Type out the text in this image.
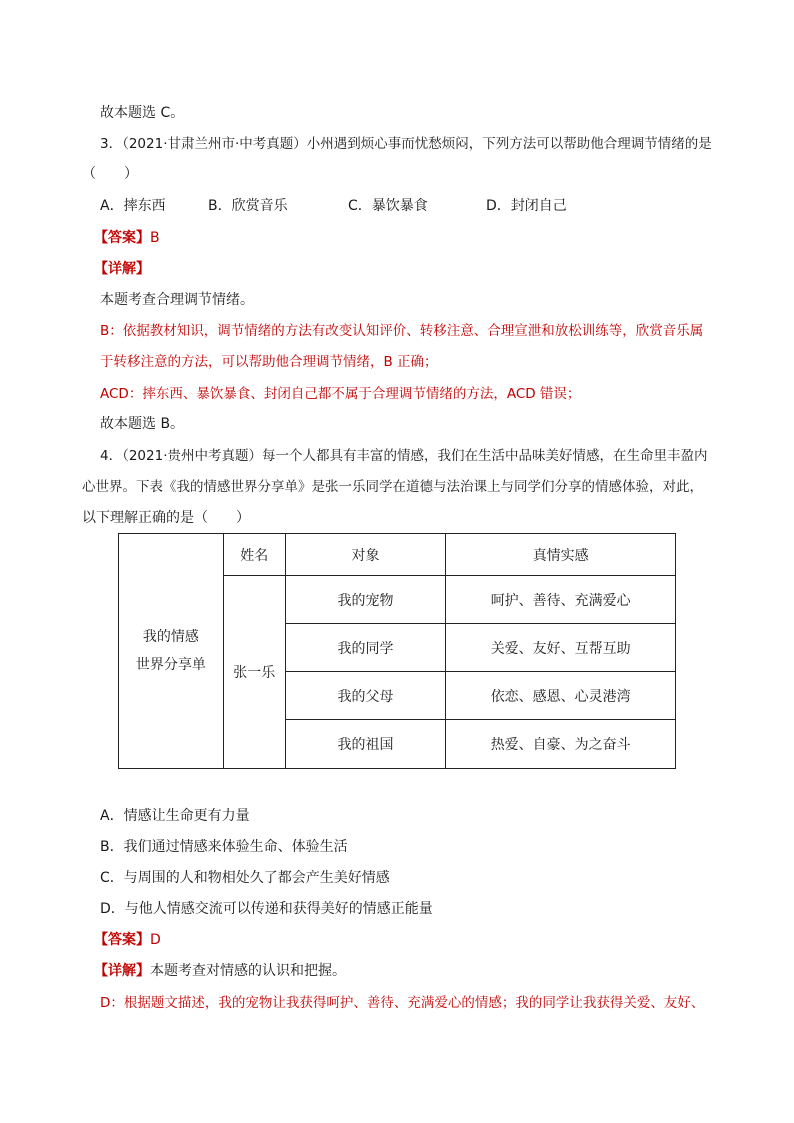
故本题选 C。
3．（2021·甘肃兰州市·中考真题）小州遇到烦心事而忧愁烦闷，下列方法可以帮助他合理调节情绪的是
（　　）
A．摔东西	B．欣赏音乐	C．暴饮暴食	D．封闭自己
【答案】B
【详解】
本题考查合理调节情绪。
B：依据教材知识，调节情绪的方法有改变认知评价、转移注意、合理宣泄和放松训练等，欣赏音乐属
于转移注意的方法，可以帮助他合理调节情绪，B 正确；
ACD：摔东西、暴饮暴食、封闭自己都不属于合理调节情绪的方法，ACD 错误；
故本题选 B。
4．（2021·贵州中考真题）每一个人都具有丰富的情感，我们在生活中品味美好情感，在生命里丰盈内
心世界。下表《我的情感世界分享单》是张一乐同学在道德与法治课上与同学们分享的情感体验，对此，
以下理解正确的是（　　）
我的情感
世界分享单	姓名	对象	真情实感
	张一乐	我的宠物	呵护、善待、充满爱心
		我的同学	关爱、友好、互帮互助
		我的父母	依恋、感恩、心灵港湾
		我的祖国	热爱、自豪、为之奋斗
A．情感让生命更有力量
B．我们通过情感来体验生命、体验生活
C．与周围的人和物相处久了都会产生美好情感
D．与他人情感交流可以传递和获得美好的情感正能量
【答案】D
【详解】本题考查对情感的认识和把握。
D：根据题文描述，我的宠物让我获得呵护、善待、充满爱心的情感；我的同学让我获得关爱、友好、
